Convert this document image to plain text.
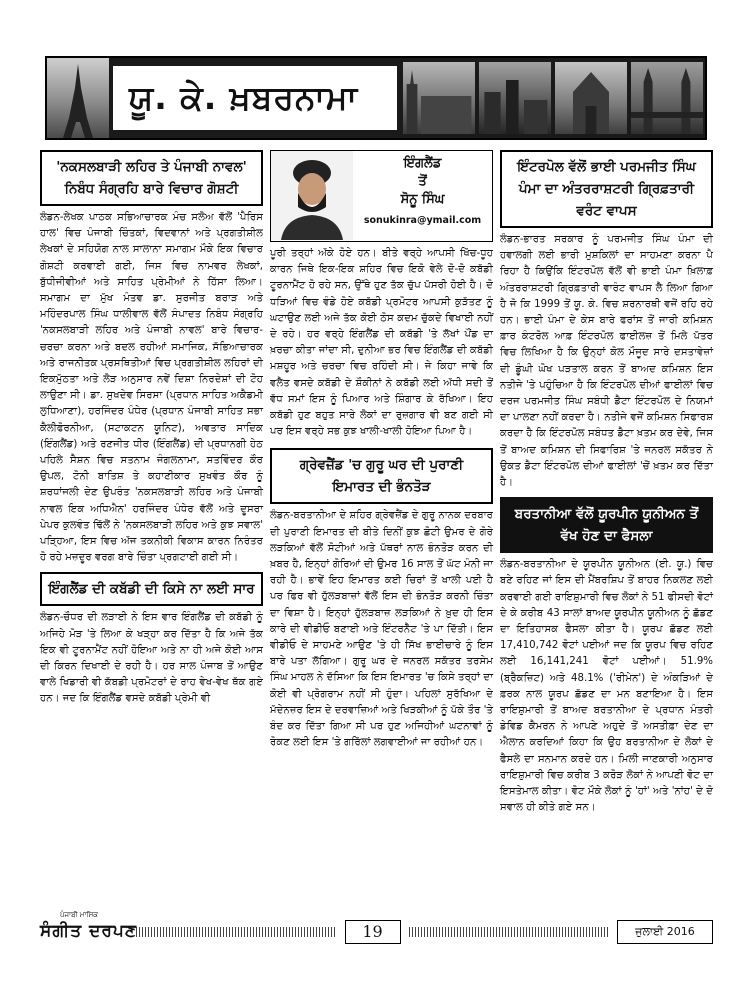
ਯੂ. ਕੇ. ਖ਼ਬਰਨਾਮਾ
'ਨਕਸਲਬਾੜੀ ਲਹਿਰ ਤੇ ਪੰਜਾਬੀ ਨਾਵਲ' ਨਿਬੰਧ ਸੰਗ੍ਰਹਿ ਬਾਰੇ ਵਿਚਾਰ ਗੋਸ਼ਟੀ

ਲੰਡਨ-ਲੇਖਕ ਪਾਠਕ ਸਭਿਆਚਾਰਕ ਮੰਚ ਸਲੋਅ ਵੱਲੋਂ 'ਪੈਰਿਸ ਹਾਲ' ਵਿਚ ਪੰਜਾਬੀ ਚਿੰਤਕਾਂ, ਵਿਦਵਾਨਾਂ ਅਤੇ ਪ੍ਰਗਤੀਸ਼ੀਲ ਲੇਖਕਾਂ ਦੇ ਸਹਿਯੋਗ ਨਾਲ ਸਾਲਾਨਾ ਸਮਾਗਮ ਮੌਕੇ ਇਕ ਵਿਚਾਰ ਗੋਸ਼ਟੀ ਕਰਵਾਈ ਗਈ, ਜਿਸ ਵਿਚ ਨਾਮਵਰ ਲੇਖਕਾਂ, ਬੁੱਧੀਜੀਵੀਆਂ ਅਤੇ ਸਾਹਿਤ ਪ੍ਰੇਮੀਆਂ ਨੇ ਹਿੱਸਾ ਲਿਆ। ਸਮਾਗਮ ਦਾ ਮੁੱਖ ਮੰਤਵ ਡਾ. ਸੁਰਜੀਤ ਬਰਾੜ ਅਤੇ ਮਹਿੰਦਰਪਾਲ ਸਿੰਘ ਧਾਲੀਵਾਲ ਵੱਲੋਂ ਸੰਪਾਦਤ ਨਿਬੰਧ ਸੰਗ੍ਰਹਿ 'ਨਕਸਲਬਾੜੀ ਲਹਿਰ ਅਤੇ ਪੰਜਾਬੀ ਨਾਵਲ' ਬਾਰੇ ਵਿਚਾਰ-ਚਰਚਾ ਕਰਨਾ ਅਤੇ ਬਦਲ ਰਹੀਆਂ ਸਮਾਜਿਕ, ਸੱਭਿਆਚਾਰਕ ਅਤੇ ਰਾਜਨੀਤਕ ਪ੍ਰਸਥਿਤੀਆਂ ਵਿਚ ਪ੍ਰਗਤੀਸ਼ੀਲ ਲਹਿਰਾਂ ਦੀ ਇਕਮੁੱਠਤਾ ਅਤੇ ਲੋੜ ਅਨੁਸਾਰ ਨਵੇਂ ਦਿਸ਼ਾ ਨਿਰਦੇਸ਼ਾਂ ਦੀ ਟੋਹ ਲਾਉਣਾ ਸੀ। ਡਾ. ਸੁਖਦੇਵ ਸਿਰਸਾ (ਪ੍ਰਧਾਨ ਸਾਹਿਤ ਅਕੈਡਮੀ ਲੁਧਿਆਣਾ), ਹਰਜਿੰਦਰ ਪੰਧੇਰ (ਪ੍ਰਧਾਨ ਪੰਜਾਬੀ ਸਾਹਿਤ ਸਭਾ ਕੈਲੀਫੋਰਨੀਆ, (ਸਟਾਕਟਨ ਯੂਨਿਟ), ਅਵਤਾਰ ਸਾਦਿਕ (ਇੰਗਲੈਂਡ) ਅਤੇ ਰਣਜੀਤ ਧੀਰ (ਇੰਗਲੈਂਡ) ਦੀ ਪ੍ਰਧਾਨਗੀ ਹੇਠ ਪਹਿਲੇ ਸੈਸ਼ਨ ਵਿਚ ਸਤਨਾਮ ਜੰਗਲਨਾਮਾ, ਸਤਵਿੰਦਰ ਕੌਰ ਉਪਲ, ਟੋਨੀ ਬਾਤਿਸ਼ ਤੇ ਕਹਾਣੀਕਾਰ ਸੁਖਵੰਤ ਕੌਰ ਨੂੰ ਸ਼ਰਧਾਂਜਲੀ ਦੇਣ ਉਪਰੰਤ 'ਨਕਸਲਬਾੜੀ ਲਹਿਰ ਅਤੇ ਪੰਜਾਬੀ ਨਾਵਲ ਇਕ ਅਧਿਐਨ' ਹਰਜਿੰਦਰ ਪੰਧੇਰ ਵੱਲੋਂ ਅਤੇ ਦੂਸਰਾ ਪੇਪਰ ਕੁਲਵੰਤ ਢਿੱਲੋਂ ਨੇ 'ਨਕਸਲਬਾੜੀ ਲਹਿਰ ਅਤੇ ਕੁਝ ਸਵਾਲ' ਪੜ੍ਹਿਆ, ਇਸ ਵਿਚ ਅੱਜ ਤਕਨੀਕੀ ਵਿਕਾਸ ਕਾਰਨ ਨਿਰੰਤਰ ਹੋ ਰਹੇ ਮਜ਼ਦੂਰ ਵਰਗ ਬਾਰੇ ਚਿੰਤਾ ਪ੍ਰਗਟਾਈ ਗਈ ਸੀ।

ਇੰਗਲੈਂਡ ਦੀ ਕਬੱਡੀ ਦੀ ਕਿਸੇ ਨਾ ਲਈ ਸਾਰ

ਲੰਡਨ-ਚੌਧਰ ਦੀ ਲੜਾਈ ਨੇ ਇਸ ਵਾਰ ਇੰਗਲੈਂਡ ਦੀ ਕਬੱਡੀ ਨੂੰ ਅਜਿਹੇ ਮੋੜ 'ਤੇ ਲਿਆ ਕੇ ਖੜ੍ਹਾ ਕਰ ਦਿੱਤਾ ਹੈ ਕਿ ਅਜੇ ਤੱਕ ਇਕ ਵੀ ਟੂਰਨਾਮੈਂਟ ਨਹੀਂ ਹੋਇਆ ਅਤੇ ਨਾ ਹੀ ਅਜੇ ਕੋਈ ਆਸ ਦੀ ਕਿਰਨ ਦਿਖਾਈ ਦੇ ਰਹੀ ਹੈ। ਹਰ ਸਾਲ ਪੰਜਾਬ ਤੋਂ ਆਉਣ ਵਾਲੇ ਖਿਡਾਰੀ ਵੀ ਕੱਬਡੀ ਪ੍ਰਮੋਟਰਾਂ ਦੇ ਰਾਹ ਵੇਖ-ਵੇਖ ਥੱਕ ਗਏ ਹਨ। ਜਦ ਕਿ ਇੰਗਲੈਂਡ ਵਸਦੇ ਕਬੱਡੀ ਪ੍ਰੇਮੀ ਵੀ

ਇੰਗਲੈਂਡ
ਤੋਂ
ਸੋਨੂ ਸਿੰਘ
sonukinra@ymail.com

ਪੂਰੀ ਤਰ੍ਹਾਂ ਅੱਕੇ ਹੋਏ ਹਨ। ਬੀਤੇ ਵਰ੍ਹੇ ਆਪਸੀ ਖਿੱਚ-ਧੂਹ ਕਾਰਨ ਜਿਥੇ ਇਕ-ਇਕ ਸ਼ਹਿਰ ਵਿਚ ਇਕੋ ਵੇਲੇ ਦੋ-ਦੋ ਕਬੱਡੀ ਟੂਰਨਾਮੈਂਟ ਹੋ ਰਹੇ ਸਨ, ਉੱਥੇ ਹੁਣ ਤੱਕ ਚੁੱਪ ਪੱਸਰੀ ਹੋਈ ਹੈ। ਦੋ ਧੜਿਆਂ ਵਿਚ ਵੰਡੇ ਹੋਏ ਕਬੱਡੀ ਪ੍ਰਮੋਟਰ ਆਪਸੀ ਕੁੜੱਤਣ ਨੂੰ ਘਟਾਉਣ ਲਈ ਅਜੇ ਤੱਕ ਕੋਈ ਠੋਸ ਕਦਮ ਚੁੱਕਦੇ ਵਿਖਾਈ ਨਹੀਂ ਦੇ ਰਹੇ। ਹਰ ਵਰ੍ਹੇ ਇੰਗਲੈਂਡ ਦੀ ਕਬੱਡੀ 'ਤੇ ਲੱਖਾਂ ਪੌਂਡ ਦਾ ਖ਼ਰਚਾ ਕੀਤਾ ਜਾਂਦਾ ਸੀ, ਦੁਨੀਆ ਭਰ ਵਿਚ ਇੰਗਲੈਂਡ ਦੀ ਕਬੱਡੀ ਮਸ਼ਹੂਰ ਅਤੇ ਚਰਚਾ ਵਿਚ ਰਹਿੰਦੀ ਸੀ। ਜੇ ਕਿਹਾ ਜਾਵੇ ਕਿ ਵਲੈਤ ਵਸਦੇ ਕਬੱਡੀ ਦੇ ਸ਼ੌਕੀਨਾਂ ਨੇ ਕਬੱਡੀ ਲਈ ਅੱਧੀ ਸਦੀ ਤੋਂ ਵੱਧ ਸਮਾਂ ਇਸ ਨੂੰ ਪਿਆਰ ਅਤੇ ਸ਼ਿੰਗਾਰ ਕੇ ਰੱਖਿਆ। ਇਹ ਕਬੱਡੀ ਹੁਣ ਬਹੁਤ ਸਾਰੇ ਲੋਕਾਂ ਦਾ ਰੁਜ਼ਗਾਰ ਵੀ ਬਣ ਗਈ ਸੀ ਪਰ ਇਸ ਵਰ੍ਹੇ ਸਭ ਕੁਝ ਖਾਲੀ-ਖਾਲੀ ਹੋਇਆ ਪਿਆ ਹੈ।

ਗ੍ਰੇਵਜ਼ੈਂਡ 'ਚ ਗੁਰੂ ਘਰ ਦੀ ਪੁਰਾਣੀ ਇਮਾਰਤ ਦੀ ਭੰਨਤੋੜ

ਲੰਡਨ-ਬਰਤਾਨੀਆ ਦੇ ਸ਼ਹਿਰ ਗ੍ਰੇਵਜ਼ੈਂਡ ਦੇ ਗੁਰੂ ਨਾਨਕ ਦਰਬਾਰ ਦੀ ਪੁਰਾਣੀ ਇਮਾਰਤ ਦੀ ਬੀਤੇ ਦਿਨੀਂ ਕੁਝ ਛੋਟੀ ਉਮਰ ਦੇ ਗੋਰੇ ਲੜਕਿਆਂ ਵੱਲੋਂ ਸੋਟੀਆਂ ਅਤੇ ਪੱਥਰਾਂ ਨਾਲ ਭੰਨਤੋੜ ਕਰਨ ਦੀ ਖ਼ਬਰ ਹੈ, ਇਨ੍ਹਾਂ ਗੋਰਿਆਂ ਦੀ ਉਮਰ 16 ਸਾਲ ਤੋਂ ਘੱਟ ਮੰਨੀ ਜਾ ਰਹੀ ਹੈ। ਭਾਵੇਂ ਇਹ ਇਮਾਰਤ ਕਈ ਚਿਰਾਂ ਤੋਂ ਖਾਲੀ ਪਈ ਹੈ ਪਰ ਫਿਰ ਵੀ ਹੁੱਲੜਬਾਜ਼ਾਂ ਵੱਲੋਂ ਇਸ ਦੀ ਭੰਨਤੋੜ ਕਰਨੀ ਚਿੰਤਾ ਦਾ ਵਿਸ਼ਾ ਹੈ। ਇਨ੍ਹਾਂ ਹੁੱਲੜਬਾਜ਼ ਲੜਕਿਆਂ ਨੇ ਖ਼ੁਦ ਹੀ ਇਸ ਕਾਰੇ ਦੀ ਵੀਡੀਓ ਬਣਾਈ ਅਤੇ ਇੰਟਰਨੈੱਟ 'ਤੇ ਪਾ ਦਿੱਤੀ। ਇਸ ਵੀਡੀਓ ਦੇ ਸਾਹਮਣੇ ਆਉਣ 'ਤੇ ਹੀ ਸਿੱਖ ਭਾਈਚਾਰੇ ਨੂੰ ਇਸ ਬਾਰੇ ਪਤਾ ਲੱਗਿਆ। ਗੁਰੂ ਘਰ ਦੇ ਜਨਰਲ ਸਕੱਤਰ ਤਰਸੇਮ ਸਿੰਘ ਮਾਹਲ ਨੇ ਦੱਸਿਆ ਕਿ ਇਸ ਇਮਾਰਤ 'ਚ ਕਿਸੇ ਤਰ੍ਹਾਂ ਦਾ ਕੋਈ ਵੀ ਪ੍ਰੋਗਰਾਮ ਨਹੀਂ ਸੀ ਹੁੰਦਾ। ਪਹਿਲਾਂ ਸੁਰੱਖਿਆ ਦੇ ਮੱਦੇਨਜ਼ਰ ਇਸ ਦੇ ਦਰਵਾਜ਼ਿਆਂ ਅਤੇ ਖਿੜਕੀਆਂ ਨੂੰ ਪੱਕੇ ਤੌਰ 'ਤੇ ਬੰਦ ਕਰ ਦਿੱਤਾ ਗਿਆ ਸੀ ਪਰ ਹੁਣ ਅਜਿਹੀਆਂ ਘਟਨਾਵਾਂ ਨੂੰ ਰੋਕਣ ਲਈ ਇਸ 'ਤੇ ਗਰਿੱਲਾਂ ਲਗਵਾਈਆਂ ਜਾ ਰਹੀਆਂ ਹਨ।

ਇੰਟਰਪੋਲ ਵੱਲੋਂ ਭਾਈ ਪਰਮਜੀਤ ਸਿੰਘ ਪੰਮਾ ਦਾ ਅੰਤਰਰਾਸ਼ਟਰੀ ਗ੍ਰਿਫ਼ਤਾਰੀ ਵਰੰਟ ਵਾਪਸ

ਲੰਡਨ-ਭਾਰਤ ਸਰਕਾਰ ਨੂੰ ਪਰਮਜੀਤ ਸਿੰਘ ਪੰਮਾ ਦੀ ਹਵਾਲਗੀ ਲਈ ਭਾਰੀ ਮੁਸ਼ਕਿਲਾਂ ਦਾ ਸਾਹਮਣਾ ਕਰਨਾ ਪੈ ਰਿਹਾ ਹੈ ਕਿਉਂਕਿ ਇੰਟਰਪੋਲ ਵੱਲੋਂ ਵੀ ਭਾਈ ਪੰਮਾ ਖ਼ਿਲਾਫ਼ ਅੰਤਰਰਾਸ਼ਟਰੀ ਗ੍ਰਿਫ਼ਤਾਰੀ ਵਾਰੰਟ ਵਾਪਸ ਲੈ ਲਿਆ ਗਿਆ ਹੈ ਜੋ ਕਿ 1999 ਤੋਂ ਯੂ. ਕੇ. ਵਿਚ ਸ਼ਰਨਾਰਥੀ ਵਜੋਂ ਰਹਿ ਰਹੇ ਹਨ। ਭਾਈ ਪੰਮਾ ਦੇ ਕੇਸ ਬਾਰੇ ਫਰਾਂਸ ਤੋਂ ਜਾਰੀ ਕਮਿਸ਼ਨ ਫ਼ਾਰ ਕੰਟਰੋਲ ਆਫ਼ ਇੰਟਰਪੋਲ ਫਾਈਲਜ਼ ਤੋਂ ਮਿਲੇ ਪੱਤਰ ਵਿਚ ਲਿਖਿਆ ਹੈ ਕਿ ਉਨ੍ਹਾਂ ਕੋਲ ਮੌਜੂਦ ਸਾਰੇ ਦਸਤਾਵੇਜ਼ਾਂ ਦੀ ਡੂੰਘੀ ਘੋਖ ਪੜਤਾਲ ਕਰਨ ਤੋਂ ਬਾਅਦ ਕਮਿਸ਼ਨ ਇਸ ਨਤੀਜੇ 'ਤੇ ਪਹੁੰਚਿਆ ਹੈ ਕਿ ਇੰਟਰਪੋਲ ਦੀਆਂ ਫਾਈਲਾਂ ਵਿਚ ਦਰਜ ਪਰਮਜੀਤ ਸਿੰਘ ਸਬੰਧੀ ਡੈਟਾ ਇੰਟਰਪੋਲ ਦੇ ਨਿਯਮਾਂ ਦਾ ਪਾਲਣਾ ਨਹੀਂ ਕਰਦਾ ਹੈ। ਨਤੀਜੇ ਵਜੋਂ ਕਮਿਸ਼ਨ ਸਿਫਾਰਸ਼ ਕਰਦਾ ਹੈ ਕਿ ਇੰਟਰਪੋਲ ਸਬੰਧਤ ਡੈਟਾ ਖ਼ਤਮ ਕਰ ਦੇਵੇ, ਜਿਸ ਤੋਂ ਬਾਅਦ ਕਮਿਸ਼ਨ ਦੀ ਸਿਫਾਰਿਸ਼ 'ਤੇ ਜਨਰਲ ਸਕੱਤਰ ਨੇ ਉਕਤ ਡੈਟਾ ਇੰਟਰਪੋਲ ਦੀਆਂ ਫਾਈਲਾਂ 'ਚੋਂ ਖ਼ਤਮ ਕਰ ਦਿੱਤਾ ਹੈ।

ਬਰਤਾਨੀਆ ਵੱਲੋਂ ਯੂਰਪੀਨ ਯੂਨੀਅਨ ਤੋਂ ਵੱਖ ਹੋਣ ਦਾ ਫੈਸਲਾ

ਲੰਡਨ-ਬਰਤਾਨੀਆ ਦੇ ਯੂਰਪੀਨ ਯੂਨੀਅਨ (ਈ. ਯੂ.) ਵਿਚ ਬਣੇ ਰਹਿਣ ਜਾਂ ਇਸ ਦੀ ਮੈਂਬਰਸ਼ਿਪ ਤੋਂ ਬਾਹਰ ਨਿਕਲਣ ਲਈ ਕਰਵਾਈ ਗਈ ਰਾਇਸ਼ੁਮਾਰੀ ਵਿਚ ਲੋਕਾਂ ਨੇ 51 ਫੀਸਦੀ ਵੋਟਾਂ ਦੇ ਕੇ ਕਰੀਬ 43 ਸਾਲਾਂ ਬਾਅਦ ਯੂਰਪੀਨ ਯੂਨੀਅਨ ਨੂੰ ਛੱਡਣ ਦਾ ਇਤਿਹਾਸਕ ਫੈਸਲਾ ਕੀਤਾ ਹੈ। ਯੂਰਪ ਛੱਡਣ ਲਈ 17,410,742 ਵੋਟਾਂ ਪਈਆਂ ਜਦ ਕਿ ਯੂਰਪ ਵਿਚ ਰਹਿਣ ਲਈ 16,141,241 ਵੋਟਾਂ ਪਈਆਂ। 51.9% (ਬ੍ਰੈਕਜ਼ਿਟ) ਅਤੇ 48.1% ('ਰੀਮੇਨ') ਦੇ ਅੰਕੜਿਆਂ ਦੇ ਫ਼ਰਕ ਨਾਲ ਯੂਰਪ ਛੱਡਣ ਦਾ ਮਨ ਬਣਾਇਆ ਹੈ। ਇਸ ਰਾਇਸ਼ੁਮਾਰੀ ਤੋਂ ਬਾਅਦ ਬਰਤਾਨੀਆ ਦੇ ਪ੍ਰਧਾਨ ਮੰਤਰੀ ਡੇਵਿਡ ਕੈਮਰਨ ਨੇ ਆਪਣੇ ਅਹੁਦੇ ਤੋਂ ਅਸਤੀਫ਼ਾ ਦੇਣ ਦਾ ਐਲਾਨ ਕਰਦਿਆਂ ਕਿਹਾ ਕਿ ਉਹ ਬਰਤਾਨੀਆ ਦੇ ਲੋਕਾਂ ਦੇ ਫੈਸਲੇ ਦਾ ਸਨਮਾਨ ਕਰਦੇ ਹਨ। ਮਿਲੀ ਜਾਣਕਾਰੀ ਅਨੁਸਾਰ ਰਾਇਸ਼ੁਮਾਰੀ ਵਿਚ ਕਰੀਬ 3 ਕਰੋੜ ਲੋਕਾਂ ਨੇ ਆਪਣੀ ਵੋਟ ਦਾ ਇਸਤੇਮਾਲ ਕੀਤਾ। ਵੋਟ ਮੌਕੇ ਲੋਕਾਂ ਨੂੰ 'ਹਾਂ' ਅਤੇ 'ਨਾਂਹ' ਦੇ ਦੋ ਸਵਾਲ ਹੀ ਕੀਤੇ ਗਏ ਸਨ।

ਪੰਜਾਬੀ ਮਾਸਿਕ
ਸੰਗੀਤ ਦਰਪਣ	19	ਜੁਲਾਈ 2016
